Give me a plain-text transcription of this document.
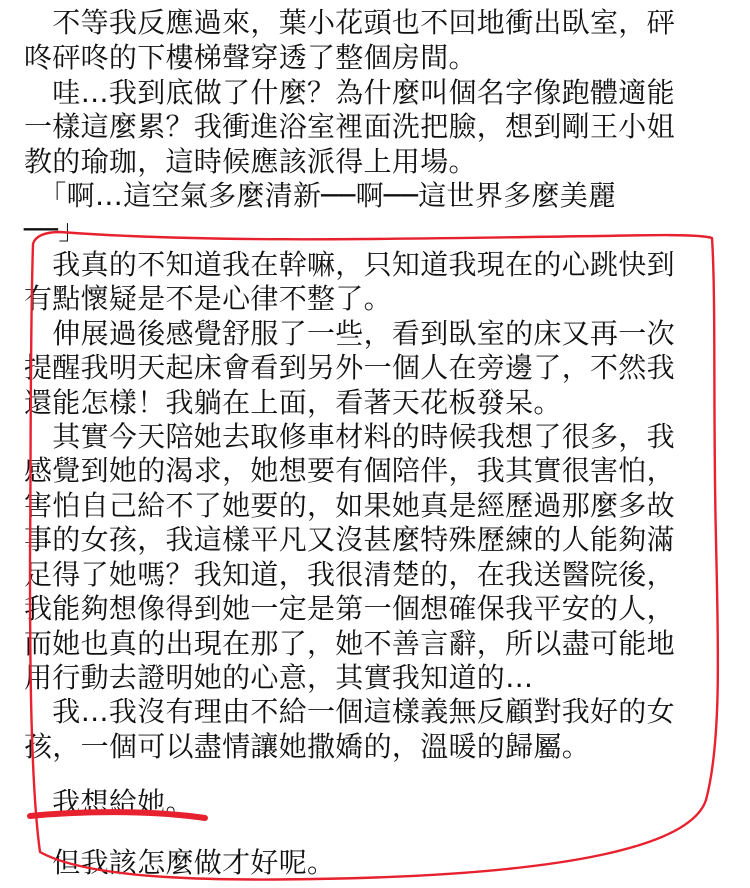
　不等我反應過來，葉小花頭也不回地衝出臥室，砰
咚砰咚的下樓梯聲穿透了整個房間。
　哇…我到底做了什麼？為什麼叫個名字像跑體適能
一樣這麼累？我衝進浴室裡面洗把臉，想到剛王小姐
教的瑜珈，這時候應該派得上用場。
　「啊…這空氣多麼清新──啊──這世界多麼美麗
──」
　我真的不知道我在幹嘛，只知道我現在的心跳快到
有點懷疑是不是心律不整了。
　伸展過後感覺舒服了一些，看到臥室的床又再一次
提醒我明天起床會看到另外一個人在旁邊了，不然我
還能怎樣！我躺在上面，看著天花板發呆。
　其實今天陪她去取修車材料的時候我想了很多，我
感覺到她的渴求，她想要有個陪伴，我其實很害怕，
害怕自己給不了她要的，如果她真是經歷過那麼多故
事的女孩，我這樣平凡又沒甚麼特殊歷練的人能夠滿
足得了她嗎？我知道，我很清楚的，在我送醫院後，
我能夠想像得到她一定是第一個想確保我平安的人，
而她也真的出現在那了，她不善言辭，所以盡可能地
用行動去證明她的心意，其實我知道的…
　我…我沒有理由不給一個這樣義無反顧對我好的女
孩，一個可以盡情讓她撒嬌的，溫暖的歸屬。
　我想給她。
　但我該怎麼做才好呢。
